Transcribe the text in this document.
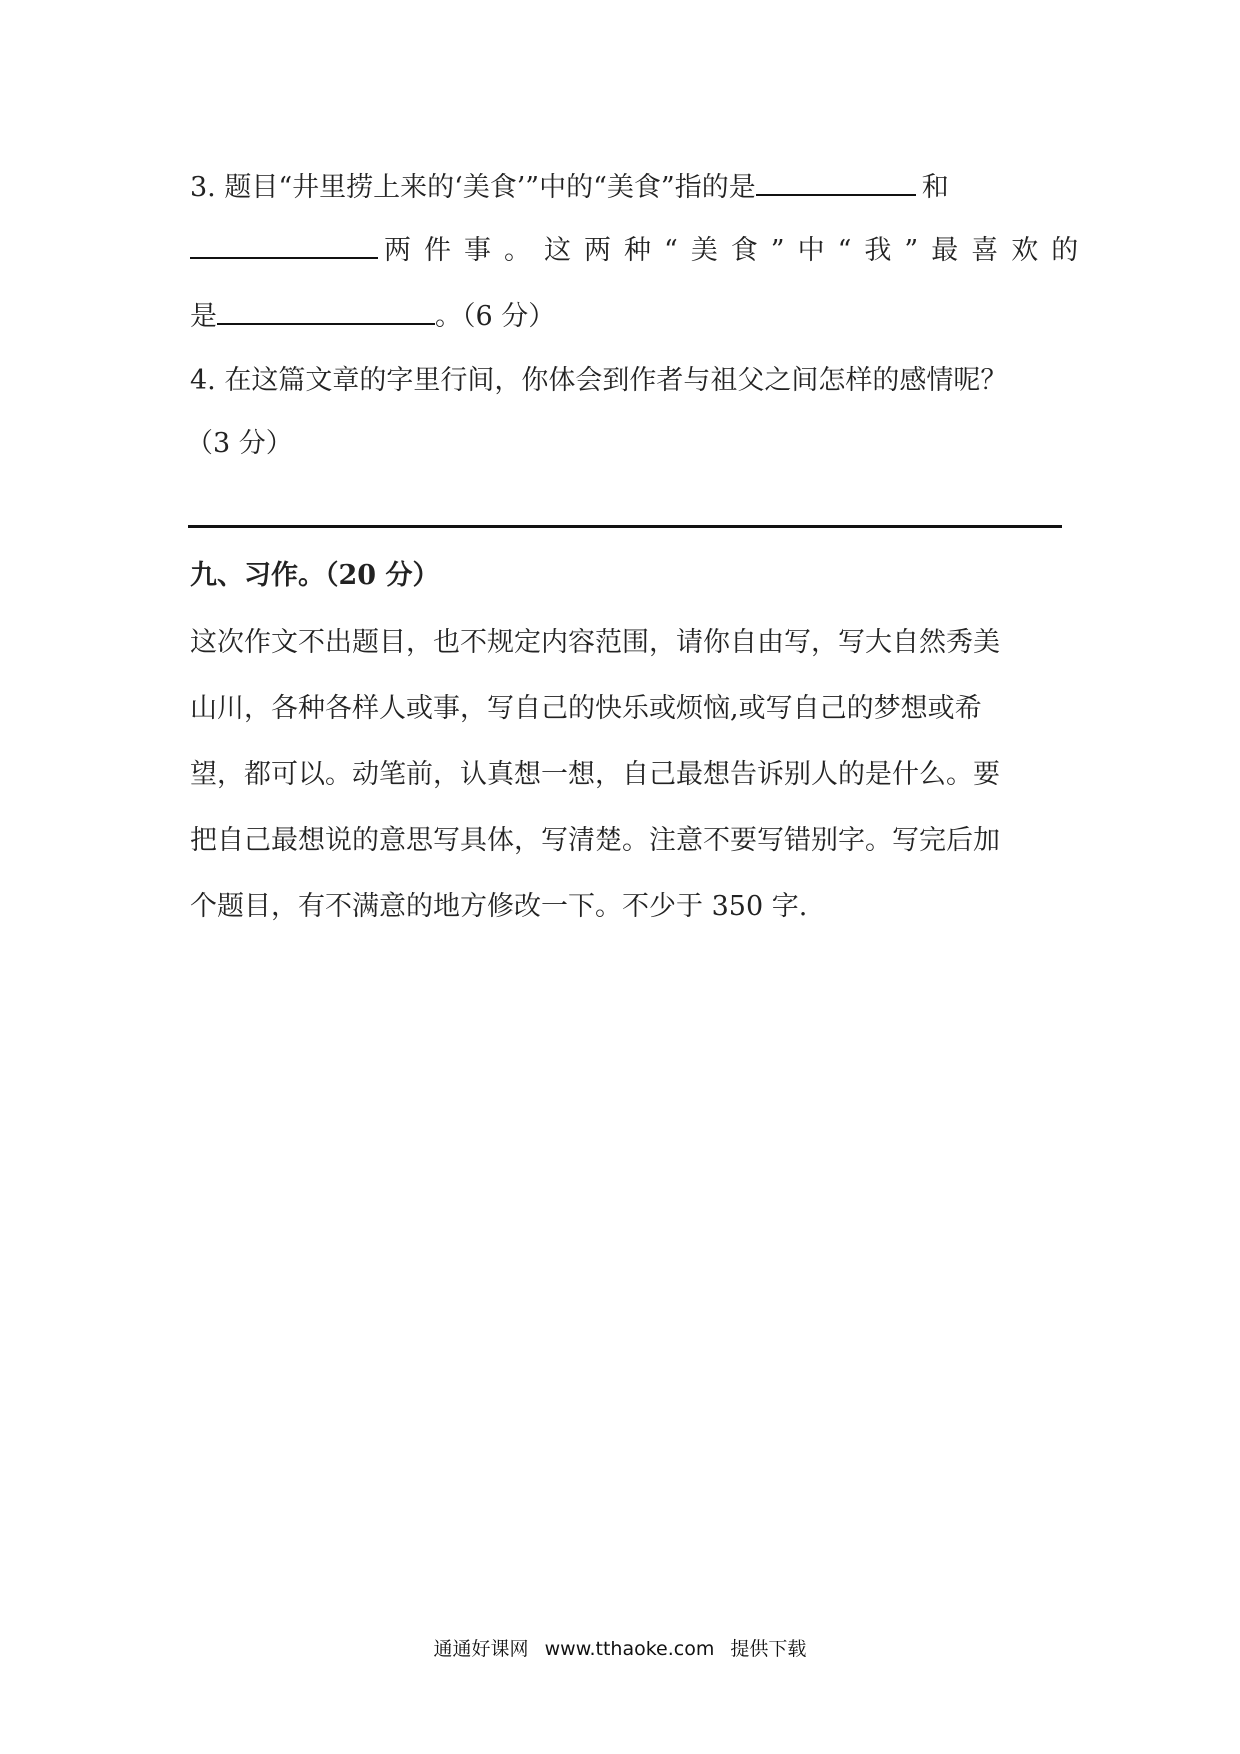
3. 题目“井里捞上来的‘美食’”中的“美食”指的是	和
两件事。这两种“美食”中“我”最喜欢的
是	。（6 分）
4. 在这篇文章的字里行间，你体会到作者与祖父之间怎样的感情呢？
（3 分）
九、习作。（20 分）
这次作文不出题目，也不规定内容范围，请你自由写，写大自然秀美
山川，各种各样人或事，写自己的快乐或烦恼,或写自己的梦想或希
望，都可以。动笔前，认真想一想，自己最想告诉别人的是什么。要
把自己最想说的意思写具体，写清楚。注意不要写错别字。写完后加
个题目，有不满意的地方修改一下。不少于 350 字.
通通好课网 www.tthaoke.com 提供下载
